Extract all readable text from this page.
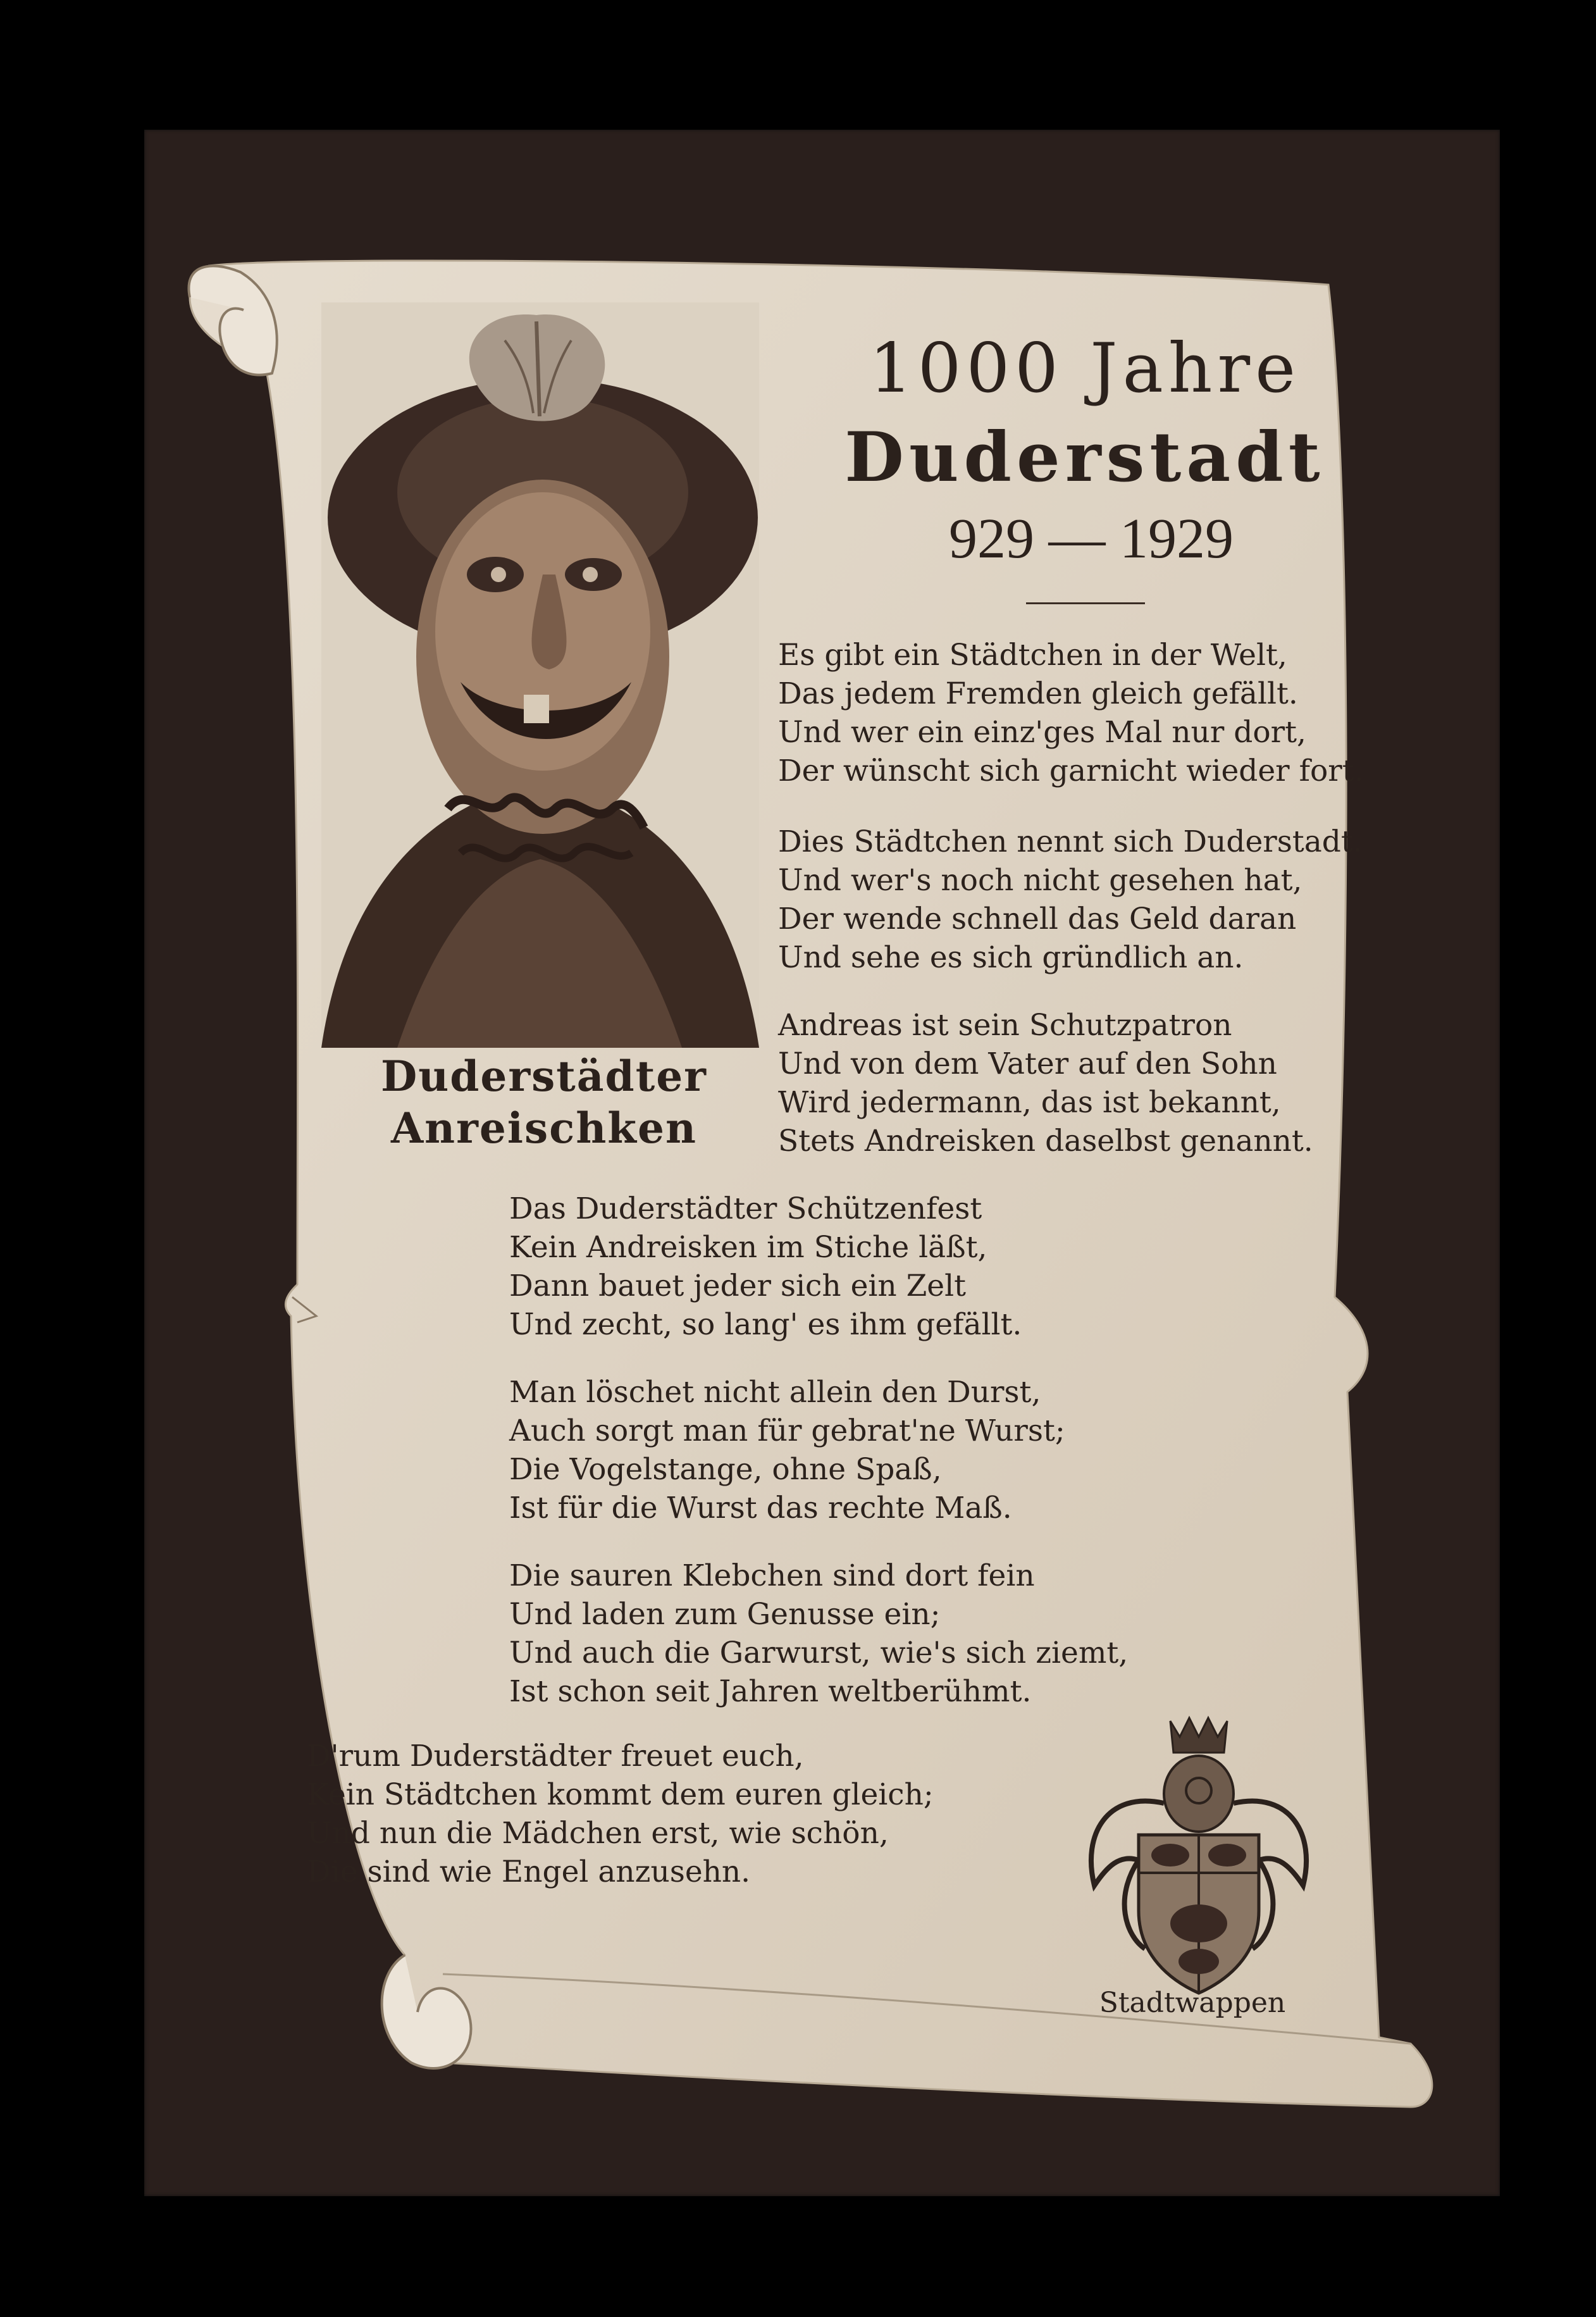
1000 Jahre
Duderstadt
929 — 1929
Duderstädter
Anreischken
Es gibt ein Städtchen in der Welt,
Das jedem Fremden gleich gefällt.
Und wer ein einz'ges Mal nur dort,
Der wünscht sich garnicht wieder fort.
Dies Städtchen nennt sich Duderstadt.
Und wer's noch nicht gesehen hat,
Der wende schnell das Geld daran
Und sehe es sich gründlich an.
Andreas ist sein Schutzpatron
Und von dem Vater auf den Sohn
Wird jedermann, das ist bekannt,
Stets Andreisken daselbst genannt.
Das Duderstädter Schützenfest
Kein Andreisken im Stiche läßt,
Dann bauet jeder sich ein Zelt
Und zecht, so lang' es ihm gefällt.
Man löschet nicht allein den Durst,
Auch sorgt man für gebrat'ne Wurst;
Die Vogelstange, ohne Spaß,
Ist für die Wurst das rechte Maß.
Die sauren Klebchen sind dort fein
Und laden zum Genusse ein;
Und auch die Garwurst, wie's sich ziemt,
Ist schon seit Jahren weltberühmt.
D'rum Duderstädter freuet euch,
Kein Städtchen kommt dem euren gleich;
Und nun die Mädchen erst, wie schön,
Die sind wie Engel anzusehn.
Stadtwappen
